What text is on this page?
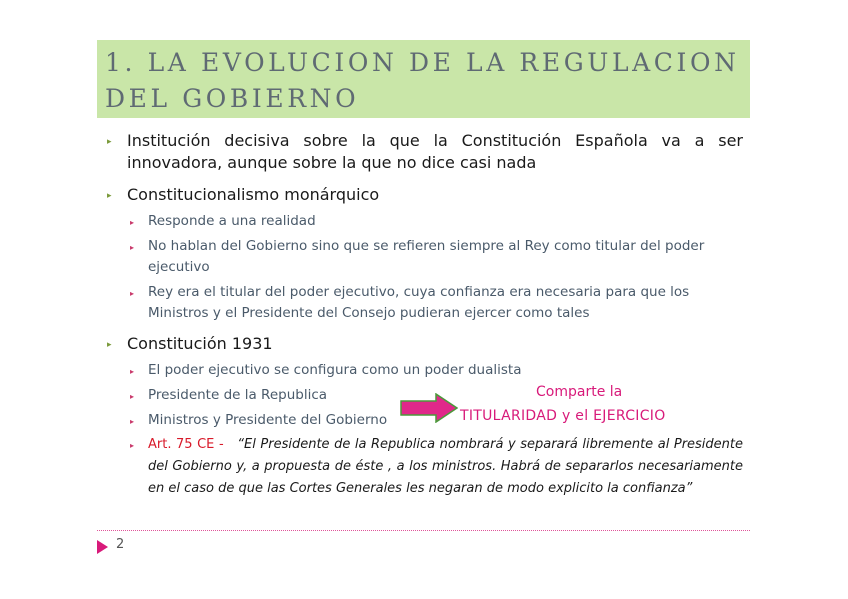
1. LA EVOLUCION DE LA REGULACION
DEL GOBIERNO
▸ Institución decisiva sobre la que la Constitución Española va a ser innovadora, aunque sobre la que no dice casi nada
▸ Constitucionalismo monárquico
▸ Responde a una realidad
▸ No hablan del Gobierno sino que se refieren siempre al Rey como titular del poder ejecutivo
▸ Rey era el titular del poder ejecutivo, cuya confianza era necesaria para que los Ministros y el Presidente del Consejo pudieran ejercer como tales
▸ Constitución 1931
▸ El poder ejecutivo se configura como un poder dualista
▸ Presidente de la Republica
▸ Ministros y Presidente del Gobierno
Comparte la
TITULARIDAD y el EJERCICIO
▸ Art. 75 CE - “El Presidente de la Republica nombrará y separará libremente al Presidente del Gobierno y, a propuesta de éste , a los ministros. Habrá de separarlos necesariamente en el caso de que las Cortes Generales les negaran de modo explicito la confianza”
2
